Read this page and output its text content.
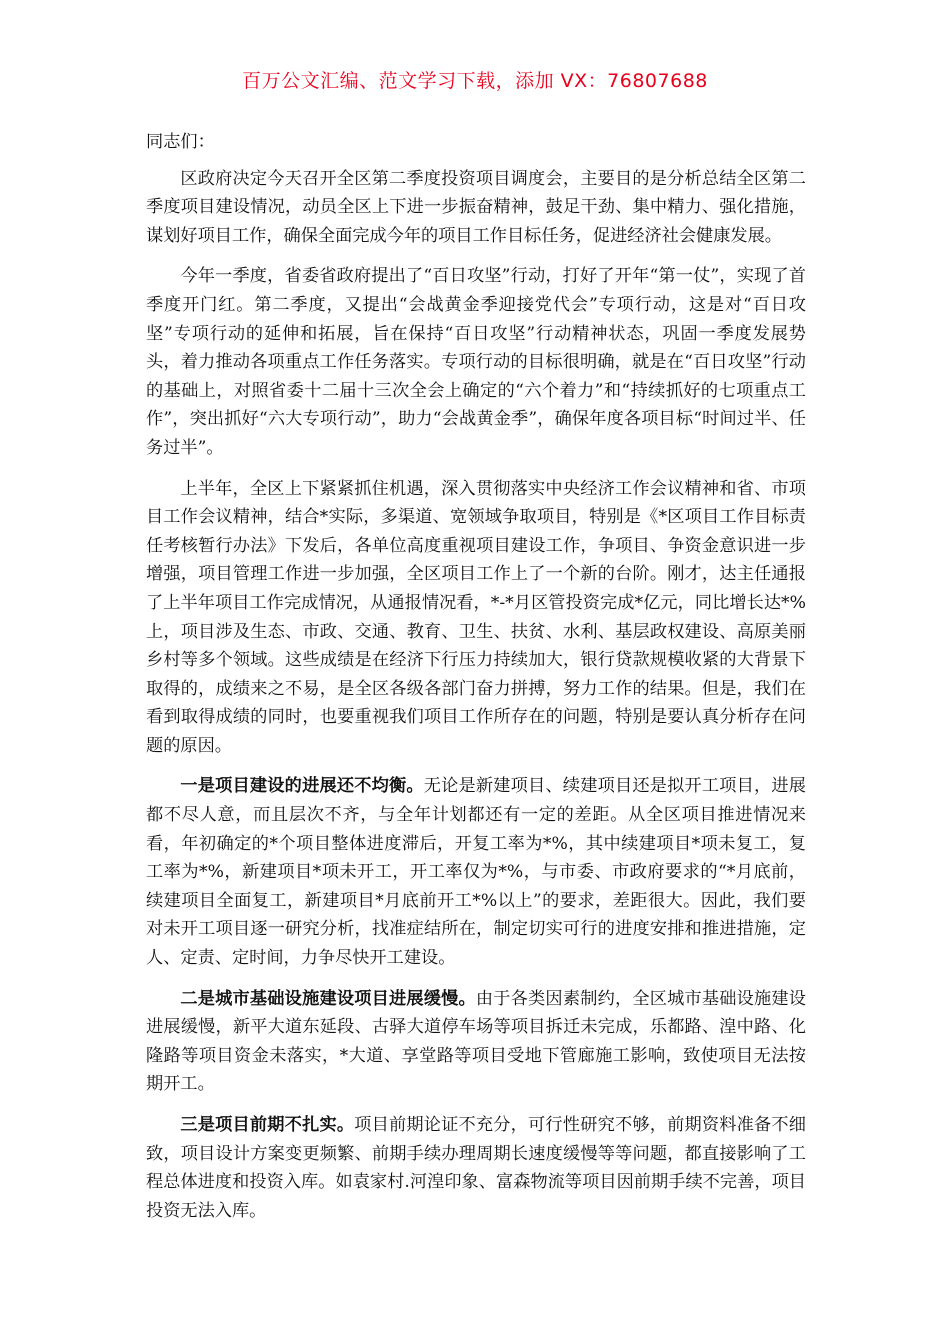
百万公文汇编、范文学习下载，添加 VX：76807688

同志们：

区政府决定今天召开全区第二季度投资项目调度会，主要目的是分析总结全区第二季度项目建设情况，动员全区上下进一步振奋精神，鼓足干劲、集中精力、强化措施，谋划好项目工作，确保全面完成今年的项目工作目标任务，促进经济社会健康发展。

今年一季度，省委省政府提出了“百日攻坚”行动，打好了开年“第一仗”，实现了首季度开门红。第二季度，又提出“会战黄金季迎接党代会”专项行动，这是对“百日攻坚”专项行动的延伸和拓展，旨在保持“百日攻坚”行动精神状态，巩固一季度发展势头，着力推动各项重点工作任务落实。专项行动的目标很明确，就是在“百日攻坚”行动的基础上，对照省委十二届十三次全会上确定的“六个着力”和“持续抓好的七项重点工作”，突出抓好“六大专项行动”，助力“会战黄金季”，确保年度各项目标“时间过半、任务过半”。

上半年，全区上下紧紧抓住机遇，深入贯彻落实中央经济工作会议精神和省、市项目工作会议精神，结合*实际，多渠道、宽领域争取项目，特别是《*区项目工作目标责任考核暂行办法》下发后，各单位高度重视项目建设工作，争项目、争资金意识进一步增强，项目管理工作进一步加强，全区项目工作上了一个新的台阶。刚才，达主任通报了上半年项目工作完成情况，从通报情况看，*-*月区管投资完成*亿元，同比增长达*%上，项目涉及生态、市政、交通、教育、卫生、扶贫、水利、基层政权建设、高原美丽乡村等多个领域。这些成绩是在经济下行压力持续加大，银行贷款规模收紧的大背景下取得的，成绩来之不易，是全区各级各部门奋力拼搏，努力工作的结果。但是，我们在看到取得成绩的同时，也要重视我们项目工作所存在的问题，特别是要认真分析存在问题的原因。

一是项目建设的进展还不均衡。无论是新建项目、续建项目还是拟开工项目，进展都不尽人意，而且层次不齐，与全年计划都还有一定的差距。从全区项目推进情况来看，年初确定的*个项目整体进度滞后，开复工率为*%，其中续建项目*项未复工，复工率为*%，新建项目*项未开工，开工率仅为*%，与市委、市政府要求的“*月底前，续建项目全面复工，新建项目*月底前开工*%以上”的要求，差距很大。因此，我们要对未开工项目逐一研究分析，找准症结所在，制定切实可行的进度安排和推进措施，定人、定责、定时间，力争尽快开工建设。

二是城市基础设施建设项目进展缓慢。由于各类因素制约，全区城市基础设施建设进展缓慢，新平大道东延段、古驿大道停车场等项目拆迁未完成，乐都路、湟中路、化隆路等项目资金未落实，*大道、享堂路等项目受地下管廊施工影响，致使项目无法按期开工。

三是项目前期不扎实。项目前期论证不充分，可行性研究不够，前期资料准备不细致，项目设计方案变更频繁、前期手续办理周期长速度缓慢等等问题，都直接影响了工程总体进度和投资入库。如袁家村.河湟印象、富森物流等项目因前期手续不完善，项目投资无法入库。
